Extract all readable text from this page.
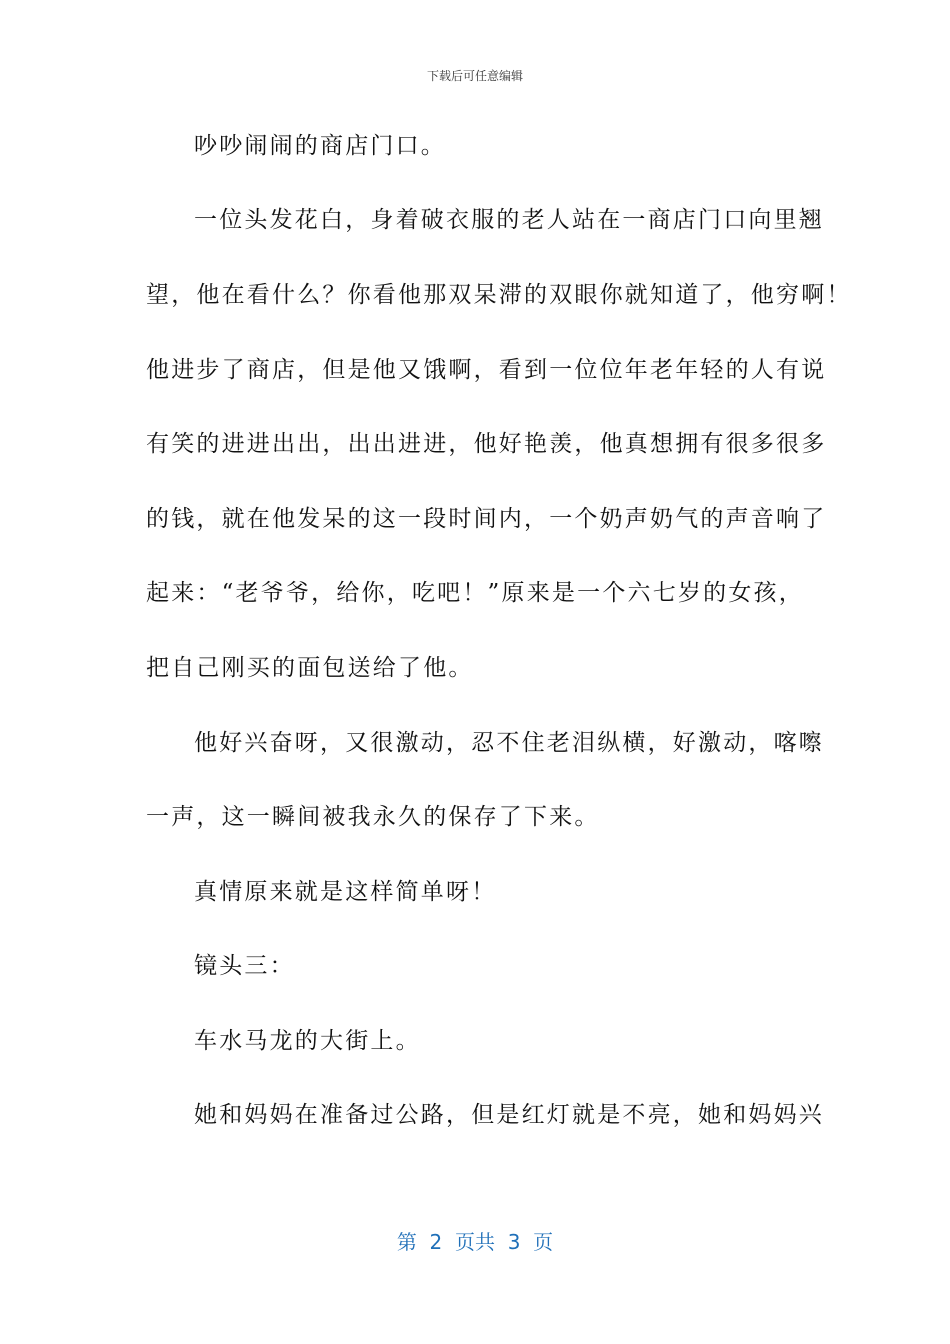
下载后可任意编辑
吵吵闹闹的商店门口。
一位头发花白，身着破衣服的老人站在一商店门口向里翘
望，他在看什么？你看他那双呆滞的双眼你就知道了，他穷啊！
他进步了商店，但是他又饿啊，看到一位位年老年轻的人有说
有笑的进进出出，出出进进，他好艳羡，他真想拥有很多很多
的钱，就在他发呆的这一段时间内，一个奶声奶气的声音响了
起来：“老爷爷，给你，吃吧！”原来是一个六七岁的女孩，
把自己刚买的面包送给了他。
他好兴奋呀，又很激动，忍不住老泪纵横，好激动，喀嚓
一声，这一瞬间被我永久的保存了下来。
真情原来就是这样简单呀！
镜头三：
车水马龙的大街上。
她和妈妈在准备过公路，但是红灯就是不亮，她和妈妈兴
第  2  页共  3  页
